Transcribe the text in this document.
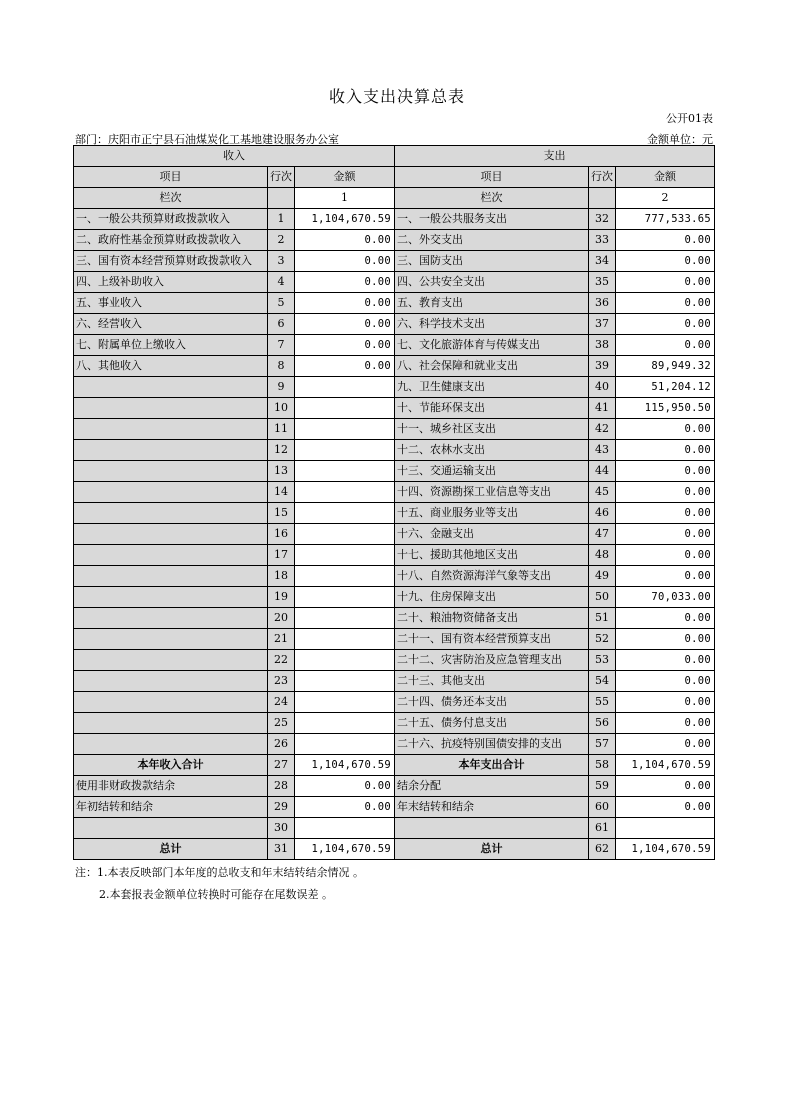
收入支出决算总表
公开01表
部门：庆阳市正宁县石油煤炭化工基地建设服务办公室	金额单位：元
收入			支出		
项目	行次	金额	项目	行次	金额
栏次		1	栏次		2
一、一般公共预算财政拨款收入	1	1,104,670.59	一、一般公共服务支出	32	777,533.65
二、政府性基金预算财政拨款收入	2	0.00	二、外交支出	33	0.00
三、国有资本经营预算财政拨款收入	3	0.00	三、国防支出	34	0.00
四、上级补助收入	4	0.00	四、公共安全支出	35	0.00
五、事业收入	5	0.00	五、教育支出	36	0.00
六、经营收入	6	0.00	六、科学技术支出	37	0.00
七、附属单位上缴收入	7	0.00	七、文化旅游体育与传媒支出	38	0.00
八、其他收入	8	0.00	八、社会保障和就业支出	39	89,949.32
	9		九、卫生健康支出	40	51,204.12
	10		十、节能环保支出	41	115,950.50
	11		十一、城乡社区支出	42	0.00
	12		十二、农林水支出	43	0.00
	13		十三、交通运输支出	44	0.00
	14		十四、资源勘探工业信息等支出	45	0.00
	15		十五、商业服务业等支出	46	0.00
	16		十六、金融支出	47	0.00
	17		十七、援助其他地区支出	48	0.00
	18		十八、自然资源海洋气象等支出	49	0.00
	19		十九、住房保障支出	50	70,033.00
	20		二十、粮油物资储备支出	51	0.00
	21		二十一、国有资本经营预算支出	52	0.00
	22		二十二、灾害防治及应急管理支出	53	0.00
	23		二十三、其他支出	54	0.00
	24		二十四、债务还本支出	55	0.00
	25		二十五、债务付息支出	56	0.00
	26		二十六、抗疫特别国债安排的支出	57	0.00
本年收入合计	27	1,104,670.59	本年支出合计	58	1,104,670.59
使用非财政拨款结余	28	0.00	结余分配	59	0.00
年初结转和结余	29	0.00	年末结转和结余	60	0.00
	30			61	
总计	31	1,104,670.59	总计	62	1,104,670.59
注：1.本表反映部门本年度的总收支和年末结转结余情况 。
2.本套报表金额单位转换时可能存在尾数误差 。
